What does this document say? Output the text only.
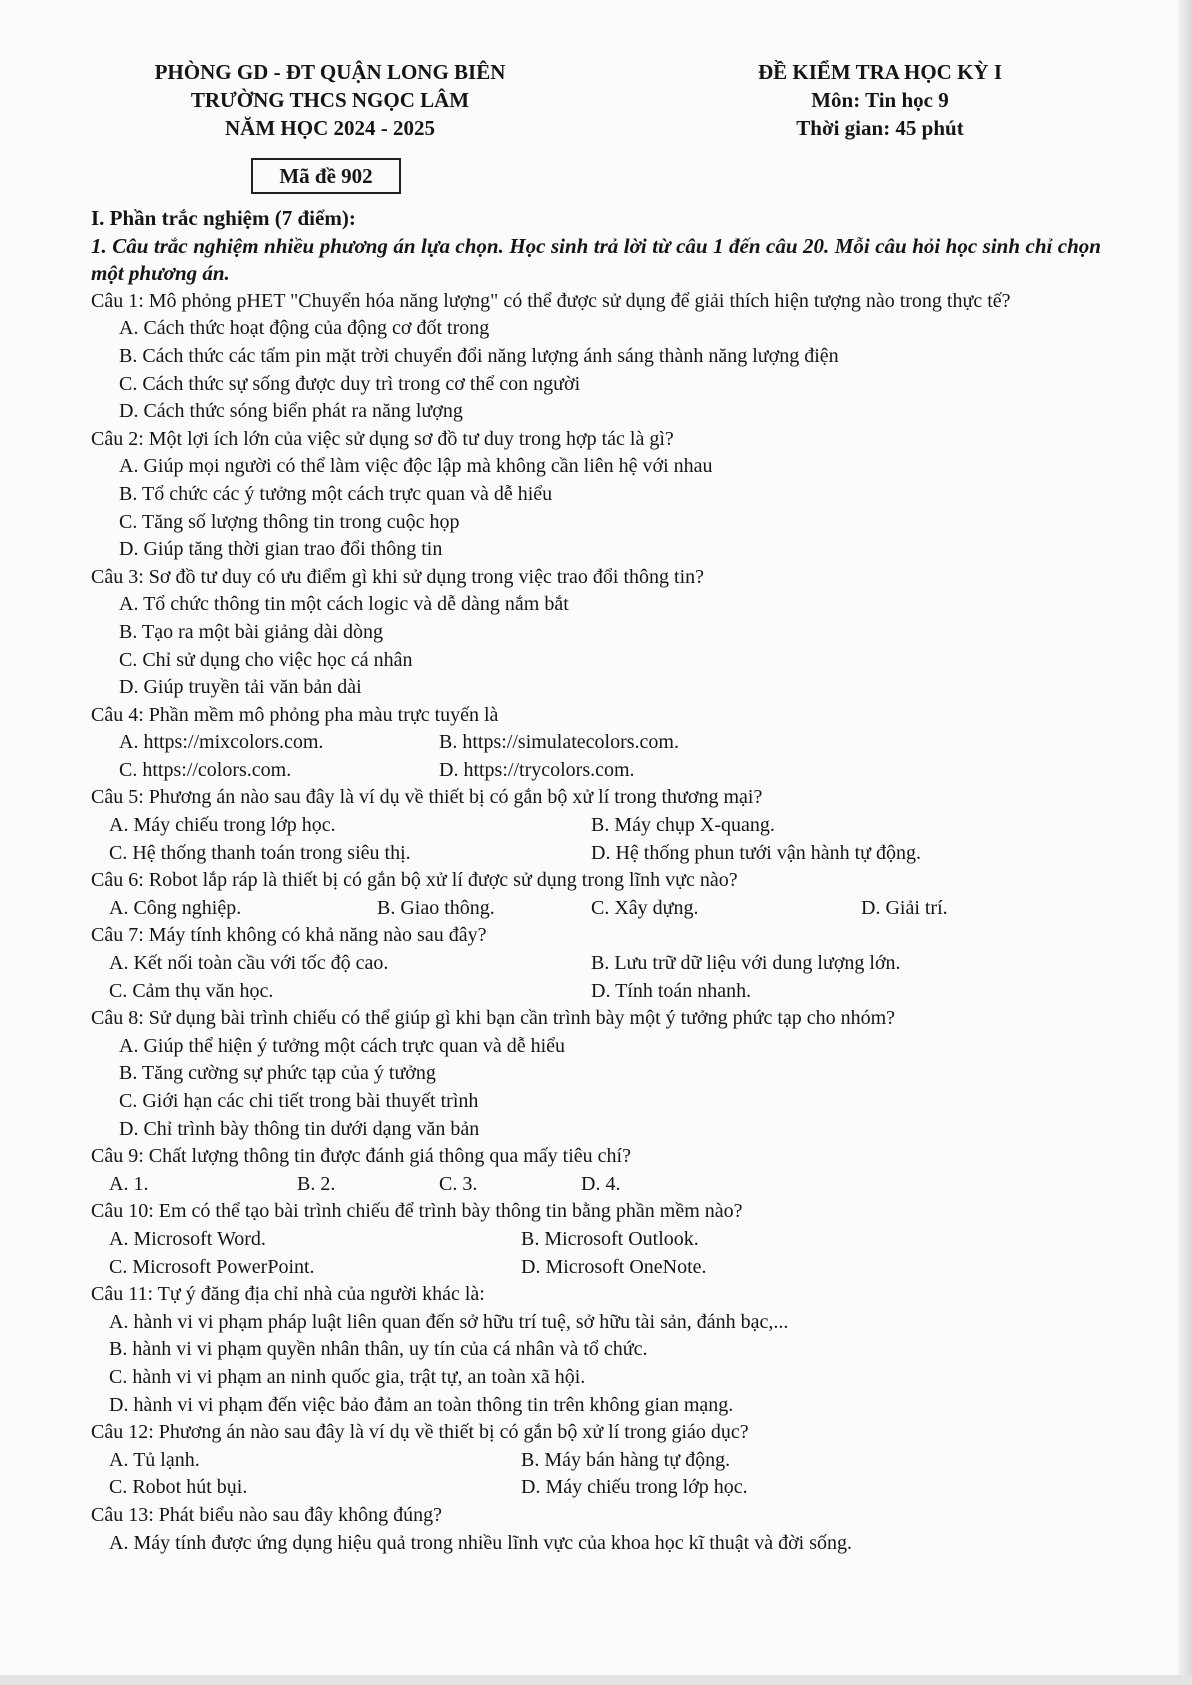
PHÒNG GD - ĐT QUẬN LONG BIÊN
TRƯỜNG THCS NGỌC LÂM
NĂM HỌC 2024 - 2025
ĐỀ KIỂM TRA HỌC KỲ I
Môn: Tin học 9
Thời gian: 45 phút
Mã đề 902
I. Phần trắc nghiệm (7 điểm):
1. Câu trắc nghiệm nhiều phương án lựa chọn. Học sinh trả lời từ câu 1 đến câu 20. Mỗi câu hỏi học sinh chỉ chọn một phương án.
Câu 1: Mô phỏng pHET "Chuyển hóa năng lượng" có thể được sử dụng để giải thích hiện tượng nào trong thực tế?
A. Cách thức hoạt động của động cơ đốt trong
B. Cách thức các tấm pin mặt trời chuyển đổi năng lượng ánh sáng thành năng lượng điện
C. Cách thức sự sống được duy trì trong cơ thể con người
D. Cách thức sóng biển phát ra năng lượng
Câu 2: Một lợi ích lớn của việc sử dụng sơ đồ tư duy trong hợp tác là gì?
A. Giúp mọi người có thể làm việc độc lập mà không cần liên hệ với nhau
B. Tổ chức các ý tưởng một cách trực quan và dễ hiểu
C. Tăng số lượng thông tin trong cuộc họp
D. Giúp tăng thời gian trao đổi thông tin
Câu 3: Sơ đồ tư duy có ưu điểm gì khi sử dụng trong việc trao đổi thông tin?
A. Tổ chức thông tin một cách logic và dễ dàng nắm bắt
B. Tạo ra một bài giảng dài dòng
C. Chỉ sử dụng cho việc học cá nhân
D. Giúp truyền tải văn bản dài
Câu 4: Phần mềm mô phỏng pha màu trực tuyến là
A. https://mixcolors.com.	B. https://simulatecolors.com.
C. https://colors.com.	D. https://trycolors.com.
Câu 5: Phương án nào sau đây là ví dụ về thiết bị có gắn bộ xử lí trong thương mại?
A. Máy chiếu trong lớp học.	B. Máy chụp X-quang.
C. Hệ thống thanh toán trong siêu thị.	D. Hệ thống phun tưới vận hành tự động.
Câu 6: Robot lắp ráp là thiết bị có gắn bộ xử lí được sử dụng trong lĩnh vực nào?
A. Công nghiệp.	B. Giao thông.	C. Xây dựng.	D. Giải trí.
Câu 7: Máy tính không có khả năng nào sau đây?
A. Kết nối toàn cầu với tốc độ cao.	B. Lưu trữ dữ liệu với dung lượng lớn.
C. Cảm thụ văn học.	D. Tính toán nhanh.
Câu 8: Sử dụng bài trình chiếu có thể giúp gì khi bạn cần trình bày một ý tưởng phức tạp cho nhóm?
A. Giúp thể hiện ý tưởng một cách trực quan và dễ hiểu
B. Tăng cường sự phức tạp của ý tưởng
C. Giới hạn các chi tiết trong bài thuyết trình
D. Chỉ trình bày thông tin dưới dạng văn bản
Câu 9: Chất lượng thông tin được đánh giá thông qua mấy tiêu chí?
A. 1.	B. 2.	C. 3.	D. 4.
Câu 10: Em có thể tạo bài trình chiếu để trình bày thông tin bằng phần mềm nào?
A. Microsoft Word.	B. Microsoft Outlook.
C. Microsoft PowerPoint.	D. Microsoft OneNote.
Câu 11: Tự ý đăng địa chỉ nhà của người khác là:
A. hành vi vi phạm pháp luật liên quan đến sở hữu trí tuệ, sở hữu tài sản, đánh bạc,...
B. hành vi vi phạm quyền nhân thân, uy tín của cá nhân và tổ chức.
C. hành vi vi phạm an ninh quốc gia, trật tự, an toàn xã hội.
D. hành vi vi phạm đến việc bảo đảm an toàn thông tin trên không gian mạng.
Câu 12: Phương án nào sau đây là ví dụ về thiết bị có gắn bộ xử lí trong giáo dục?
A. Tủ lạnh.	B. Máy bán hàng tự động.
C. Robot hút bụi.	D. Máy chiếu trong lớp học.
Câu 13: Phát biểu nào sau đây không đúng?
A. Máy tính được ứng dụng hiệu quả trong nhiều lĩnh vực của khoa học kĩ thuật và đời sống.
